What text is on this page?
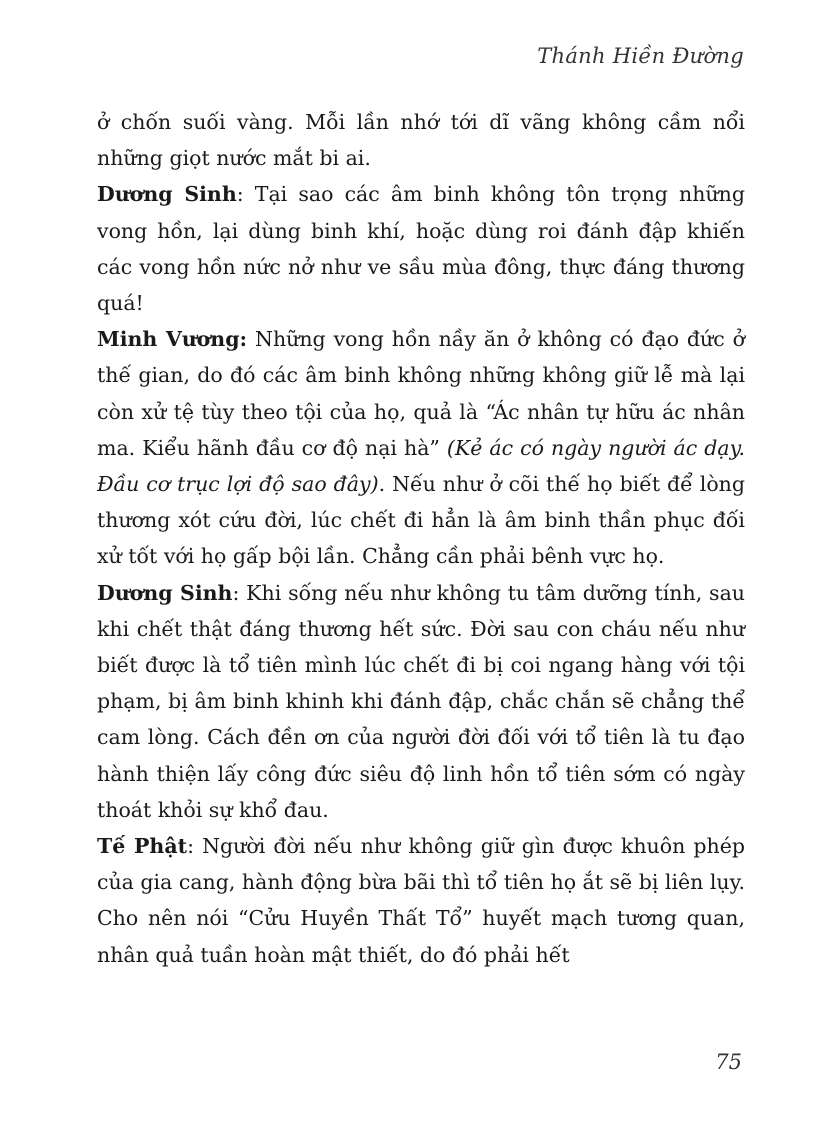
Thánh Hiền Đường

ở chốn suối vàng. Mỗi lần nhớ tới dĩ vãng không cầm nổi những giọt nước mắt bi ai.

Dương Sinh: Tại sao các âm binh không tôn trọng những vong hồn, lại dùng binh khí, hoặc dùng roi đánh đập khiến các vong hồn nức nở như ve sầu mùa đông, thực đáng thương quá!

Minh Vương: Những vong hồn nầy ăn ở không có đạo đức ở thế gian, do đó các âm binh không những không giữ lễ mà lại còn xử tệ tùy theo tội của họ, quả là “Ác nhân tự hữu ác nhân ma. Kiểu hãnh đầu cơ độ nại hà” (Kẻ ác có ngày người ác dạy. Đầu cơ trục lợi độ sao đây). Nếu như ở cõi thế họ biết để lòng thương xót cứu đời, lúc chết đi hẳn là âm binh thần phục đối xử tốt với họ gấp bội lần. Chẳng cần phải bênh vực họ.

Dương Sinh: Khi sống nếu như không tu tâm dưỡng tính, sau khi chết thật đáng thương hết sức. Đời sau con cháu nếu như biết được là tổ tiên mình lúc chết đi bị coi ngang hàng với tội phạm, bị âm binh khinh khi đánh đập, chắc chắn sẽ chẳng thể cam lòng. Cách đền ơn của người đời đối với tổ tiên là tu đạo hành thiện lấy công đức siêu độ linh hồn tổ tiên sớm có ngày thoát khỏi sự khổ đau.

Tế Phật: Người đời nếu như không giữ gìn được khuôn phép của gia cang, hành động bừa bãi thì tổ tiên họ ắt sẽ bị liên lụy. Cho nên nói “Cửu Huyền Thất Tổ” huyết mạch tương quan, nhân quả tuần hoàn mật thiết, do đó phải hết

75
